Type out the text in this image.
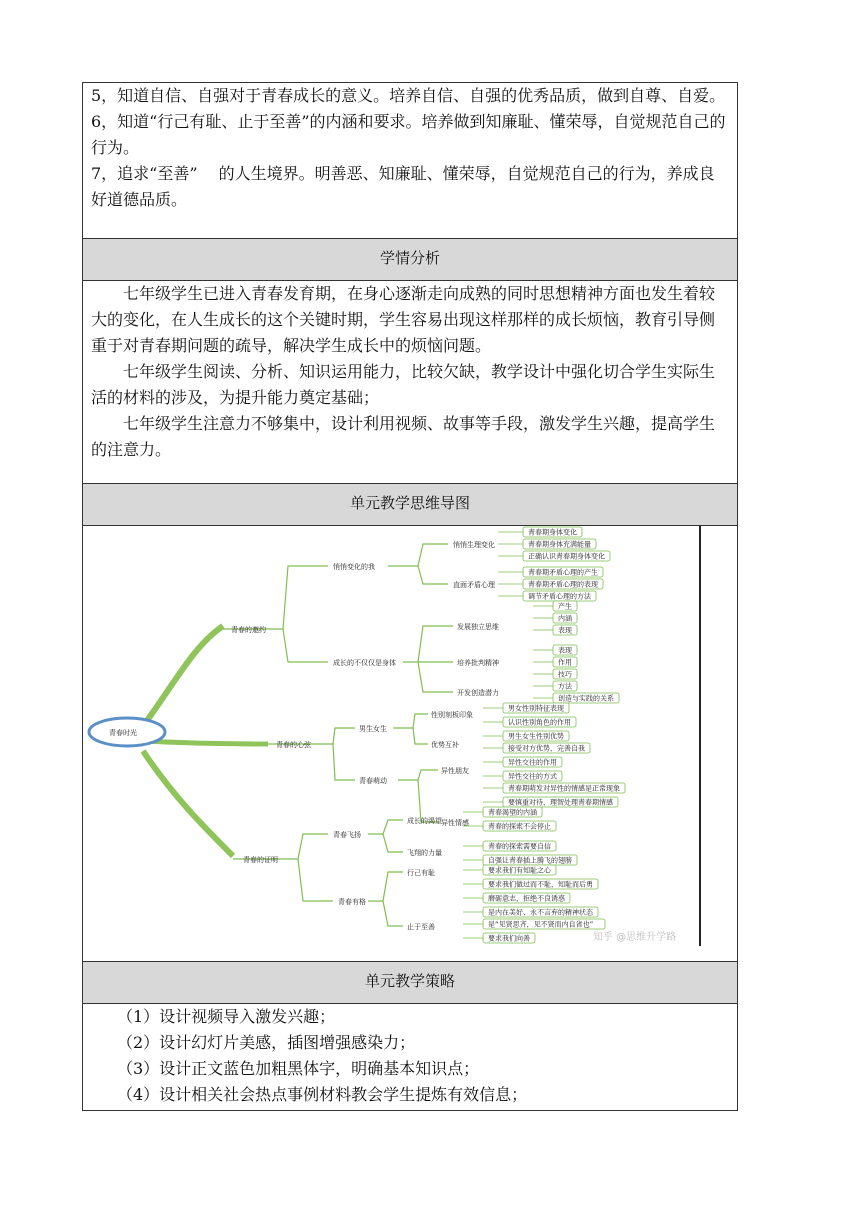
5，知道自信、自强对于青春成长的意义。培养自信、自强的优秀品质，做到自尊、自爱。

6，知道“行己有耻、止于至善”的内涵和要求。培养做到知廉耻、懂荣辱，自觉规范自己的行为。

7，追求“至善”　 的人生境界。明善恶、知廉耻、懂荣辱，自觉规范自己的行为，养成良好道德品质。

学情分析

七年级学生已进入青春发育期，在身心逐渐走向成熟的同时思想精神方面也发生着较大的变化，在人生成长的这个关键时期，学生容易出现这样那样的成长烦恼，教育引导侧重于对青春期问题的疏导，解决学生成长中的烦恼问题。

七年级学生阅读、分析、知识运用能力，比较欠缺，教学设计中强化切合学生实际生活的材料的涉及，为提升能力奠定基础；

七年级学生注意力不够集中，设计利用视频、故事等手段，激发学生兴趣，提高学生的注意力。

单元教学思维导图
青春时光
青春的邀约
青春的心弦
青春的证明
悄悄变化的我
成长的不仅仅是身体
男生女生
青春萌动
青春飞扬
青春有格
悄悄生理变化
直面矛盾心理
发展独立思维
培养批判精神
开发创造潜力
性别刻板印象
优势互补
异性朋友
异性情感
成长的渴望
飞翔的力量
行己有耻
止于至善
青春期身体变化
青春期身体充满能量
正确认识青春期身体变化
青春期矛盾心理的产生
青春期矛盾心理的表现
调节矛盾心理的方法
产生
内涵
表现
表现
作用
技巧
方法
创造与实践的关系
男女性别特征表现
认识性别角色的作用
男生女生性别优势
接受对方优势，完善自我
异性交往的作用
异性交往的方式
青春期萌发对异性的情感是正常现象
要慎重对待，理智处理青春期情感
青春渴望的内涵
青春的探索不会停止
青春的探索需要自信
自强让青春插上腾飞的翅膀
要求我们有知耻之心
要求我们做过而不耻，知耻而后勇
磨砺意志，拒绝不良诱惑
是内在美好、永不言弃的精神状态
是“见贤思齐，见不贤而内自省也”
要求我们向善	知乎 @思维升学路
单元教学策略

（1）设计视频导入激发兴趣；

（2）设计幻灯片美感，插图增强感染力；

（3）设计正文蓝色加粗黑体字，明确基本知识点；

（4）设计相关社会热点事例材料教会学生提炼有效信息；
